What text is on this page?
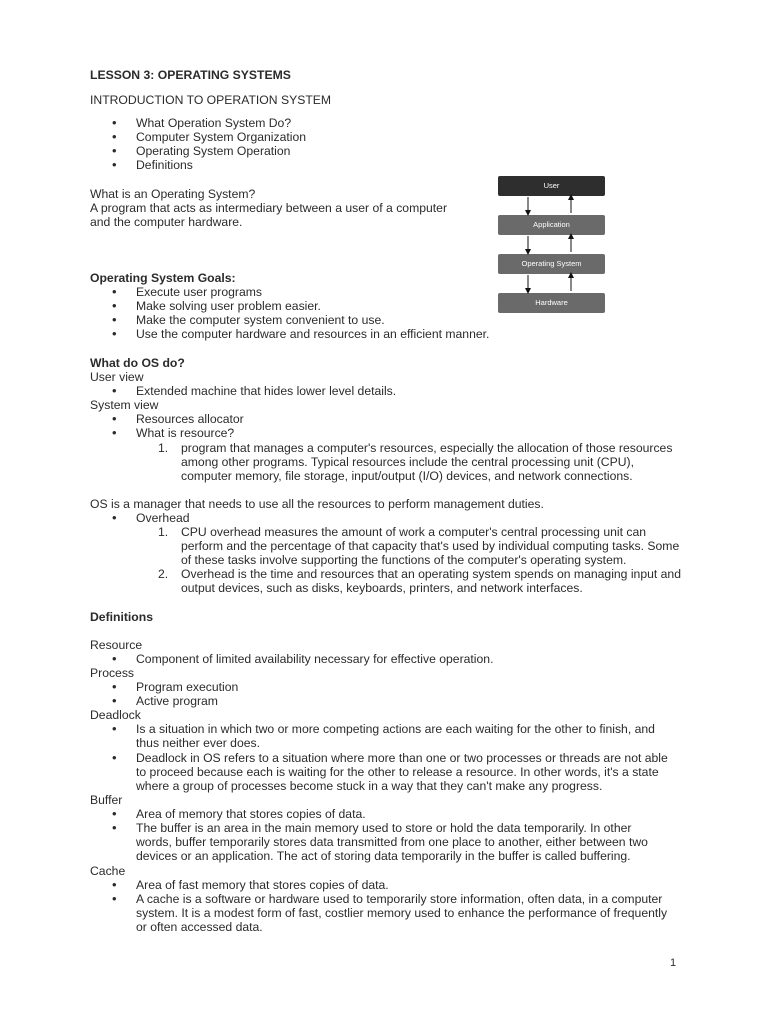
LESSON 3: OPERATING SYSTEMS
INTRODUCTION TO OPERATION SYSTEM
What Operation System Do?
Computer System Organization
Operating System Operation
Definitions
What is an Operating System?
A program that acts as intermediary between a user of a computer
and the computer hardware.
User
Application
Operating System
Hardware
Operating System Goals:
Execute user programs
Make solving user problem easier.
Make the computer system convenient to use.
Use the computer hardware and resources in an efficient manner.
What do OS do?
User view
Extended machine that hides lower level details.
System view
Resources allocator
What is resource?
1. program that manages a computer's resources, especially the allocation of those resources among other programs. Typical resources include the central processing unit (CPU), computer memory, file storage, input/output (I/O) devices, and network connections.
OS is a manager that needs to use all the resources to perform management duties.
Overhead
1. CPU overhead measures the amount of work a computer's central processing unit can perform and the percentage of that capacity that's used by individual computing tasks. Some of these tasks involve supporting the functions of the computer's operating system.
2. Overhead is the time and resources that an operating system spends on managing input and output devices, such as disks, keyboards, printers, and network interfaces.
Definitions
Resource
Component of limited availability necessary for effective operation.
Process
Program execution
Active program
Deadlock
Is a situation in which two or more competing actions are each waiting for the other to finish, and thus neither ever does.
Deadlock in OS refers to a situation where more than one or two processes or threads are not able to proceed because each is waiting for the other to release a resource. In other words, it's a state where a group of processes become stuck in a way that they can't make any progress.
Buffer
Area of memory that stores copies of data.
The buffer is an area in the main memory used to store or hold the data temporarily. In other words, buffer temporarily stores data transmitted from one place to another, either between two devices or an application. The act of storing data temporarily in the buffer is called buffering.
Cache
Area of fast memory that stores copies of data.
A cache is a software or hardware used to temporarily store information, often data, in a computer system. It is a modest form of fast, costlier memory used to enhance the performance of frequently or often accessed data.
1
